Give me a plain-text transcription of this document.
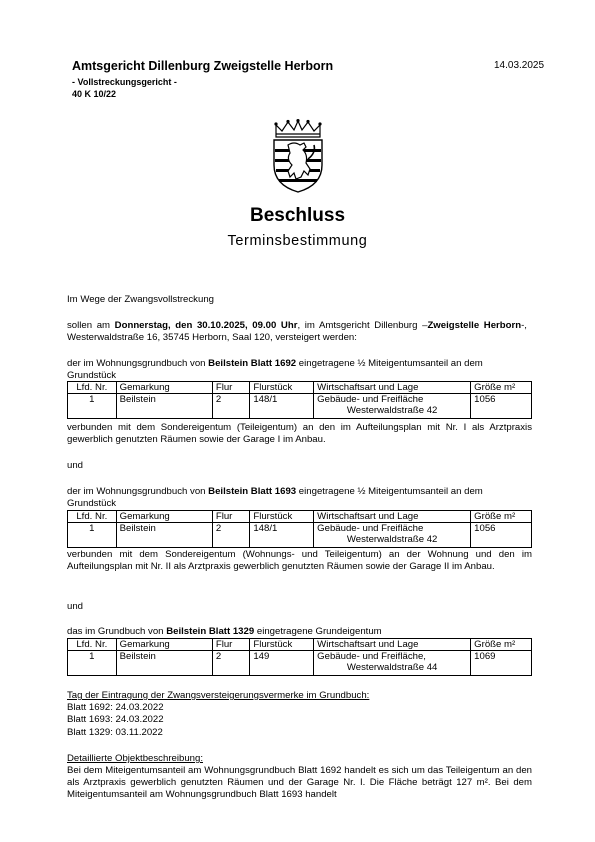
Amtsgericht Dillenburg Zweigstelle Herborn
- Vollstreckungsgericht -
40 K 10/22
14.03.2025
Beschluss
Terminsbestimmung
Im Wege der Zwangsvollstreckung
sollen am Donnerstag, den 30.10.2025, 09.00 Uhr, im Amtsgericht Dillenburg –Zweigstelle Herborn-, Westerwaldstraße 16, 35745 Herborn, Saal 120, versteigert werden:
der im Wohnungsgrundbuch von Beilstein Blatt 1692 eingetragene ½ Miteigentumsanteil an dem Grundstück
Lfd. Nr.	Gemarkung	Flur	Flurstück	Wirtschaftsart und Lage	Größe m²
1	Beilstein	2	148/1	Gebäude- und Freifläche
Westerwaldstraße 42	1056
verbunden mit dem Sondereigentum (Teileigentum) an den im Aufteilungsplan mit Nr. I als Arztpraxis gewerblich genutzten Räumen sowie der Garage I im Anbau.
und
der im Wohnungsgrundbuch von Beilstein Blatt 1693 eingetragene ½ Miteigentumsanteil an dem Grundstück
Lfd. Nr.	Gemarkung	Flur	Flurstück	Wirtschaftsart und Lage	Größe m²
1	Beilstein	2	148/1	Gebäude- und Freifläche
Westerwaldstraße 42	1056
verbunden mit dem Sondereigentum (Wohnungs- und Teileigentum) an der Wohnung und den im Aufteilungsplan mit Nr. II als Arztpraxis gewerblich genutzten Räumen sowie der Garage II im Anbau.
und
das im Grundbuch von Beilstein Blatt 1329 eingetragene Grundeigentum
Lfd. Nr.	Gemarkung	Flur	Flurstück	Wirtschaftsart und Lage	Größe m²
1	Beilstein	2	149	Gebäude- und Freifläche,
Westerwaldstraße 44	1069
Tag der Eintragung der Zwangsversteigerungsvermerke im Grundbuch:
Blatt 1692: 24.03.2022
Blatt 1693: 24.03.2022
Blatt 1329: 03.11.2022
Detaillierte Objektbeschreibung:
Bei dem Miteigentumsanteil am Wohnungsgrundbuch Blatt 1692 handelt es sich um das Teileigentum an den als Arztpraxis gewerblich genutzten Räumen und der Garage Nr. I. Die Fläche beträgt 127 m². Bei dem Miteigentumsanteil am Wohnungsgrundbuch Blatt 1693 handelt
